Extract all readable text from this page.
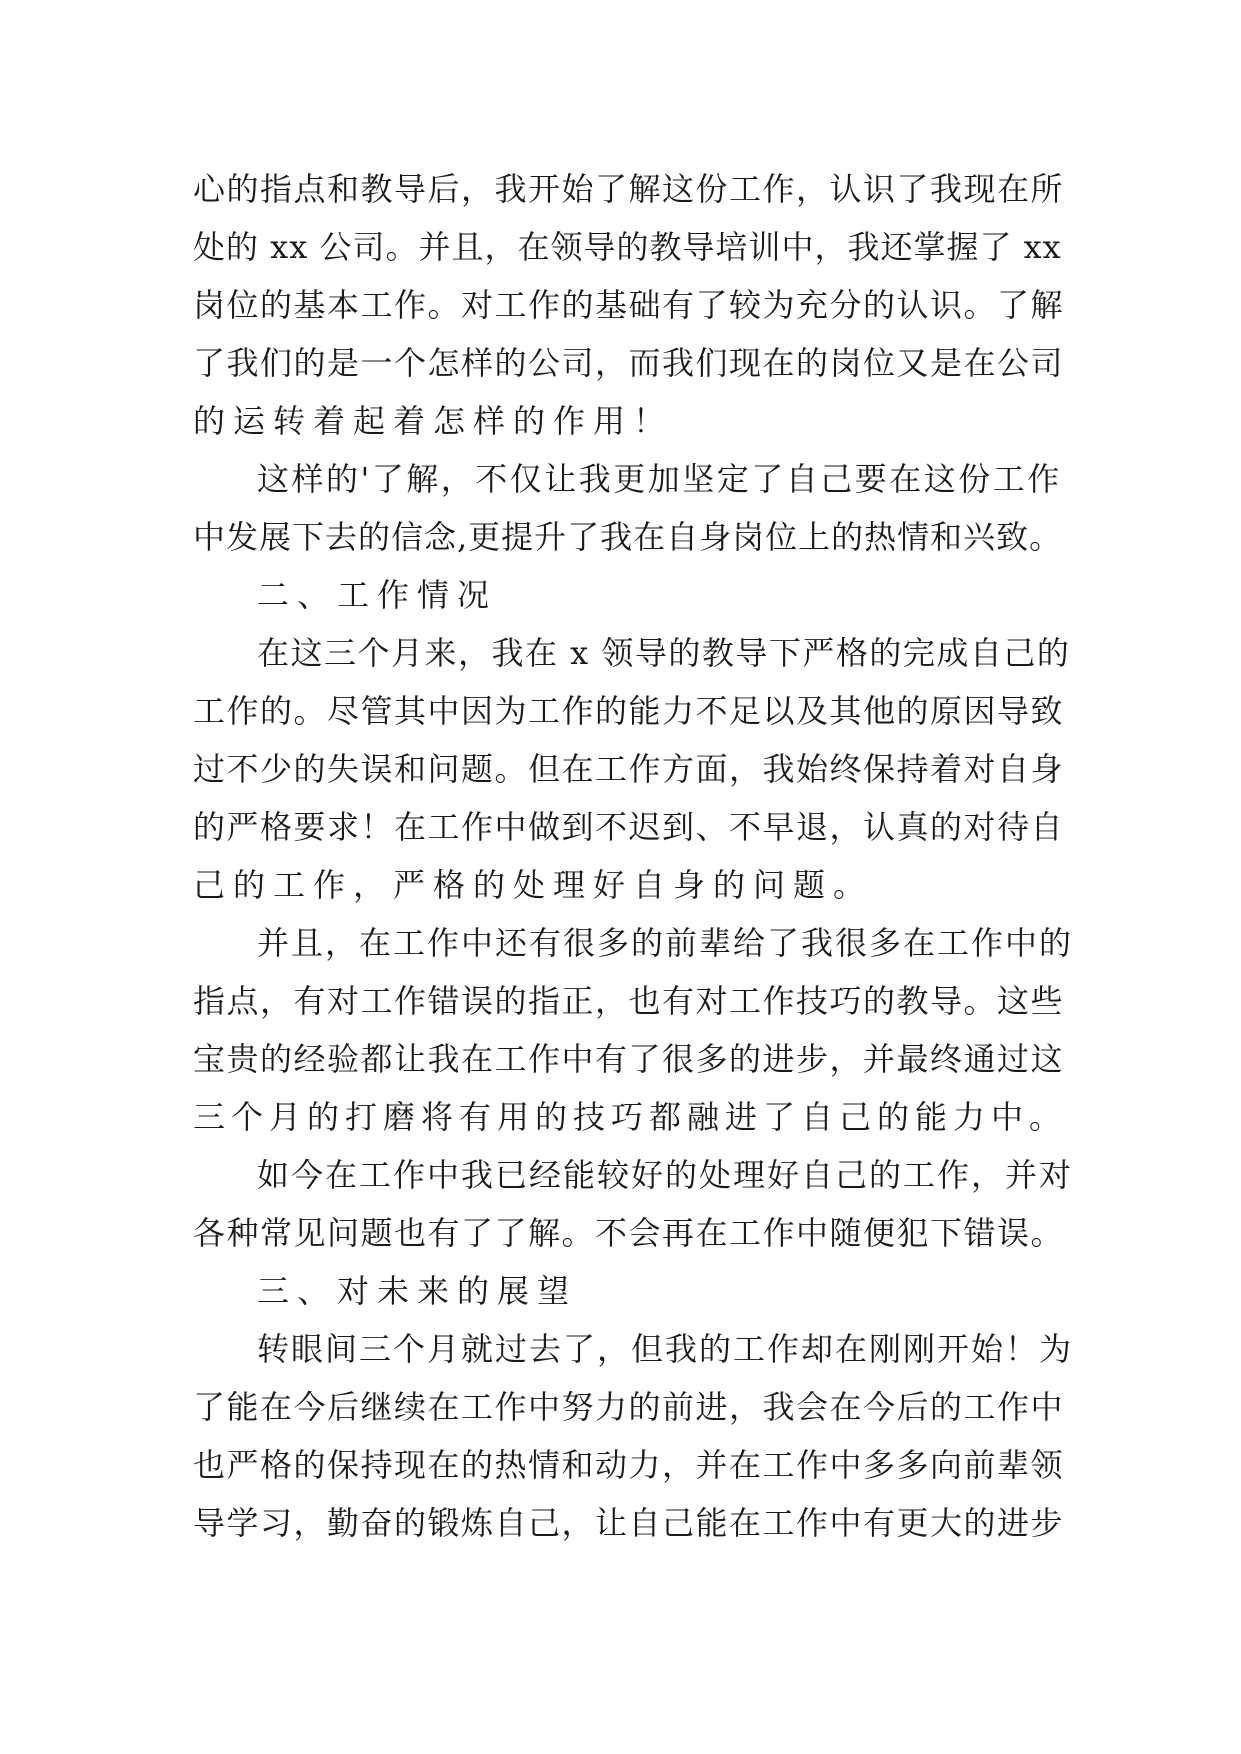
心的指点和教导后，我开始了解这份工作，认识了我现在所
处的 xx 公司。并且，在领导的教导培训中，我还掌握了 xx
岗位的基本工作。对工作的基础有了较为充分的认识。了解
了我们的是一个怎样的公司，而我们现在的岗位又是在公司
的运转着起着怎样的作用！
这样的'了解，不仅让我更加坚定了自己要在这份工作
中发展下去的信念,更提升了我在自身岗位上的热情和兴致。
二、工作情况
在这三个月来，我在 x 领导的教导下严格的完成自己的
工作的。尽管其中因为工作的能力不足以及其他的原因导致
过不少的失误和问题。但在工作方面，我始终保持着对自身
的严格要求！在工作中做到不迟到、不早退，认真的对待自
己的工作，严格的处理好自身的问题。
并且，在工作中还有很多的前辈给了我很多在工作中的
指点，有对工作错误的指正，也有对工作技巧的教导。这些
宝贵的经验都让我在工作中有了很多的进步，并最终通过这
三个月的打磨将有用的技巧都融进了自己的能力中。
如今在工作中我已经能较好的处理好自己的工作，并对
各种常见问题也有了了解。不会再在工作中随便犯下错误。
三、对未来的展望
转眼间三个月就过去了，但我的工作却在刚刚开始！为
了能在今后继续在工作中努力的前进，我会在今后的工作中
也严格的保持现在的热情和动力，并在工作中多多向前辈领
导学习，勤奋的锻炼自己，让自己能在工作中有更大的进步
